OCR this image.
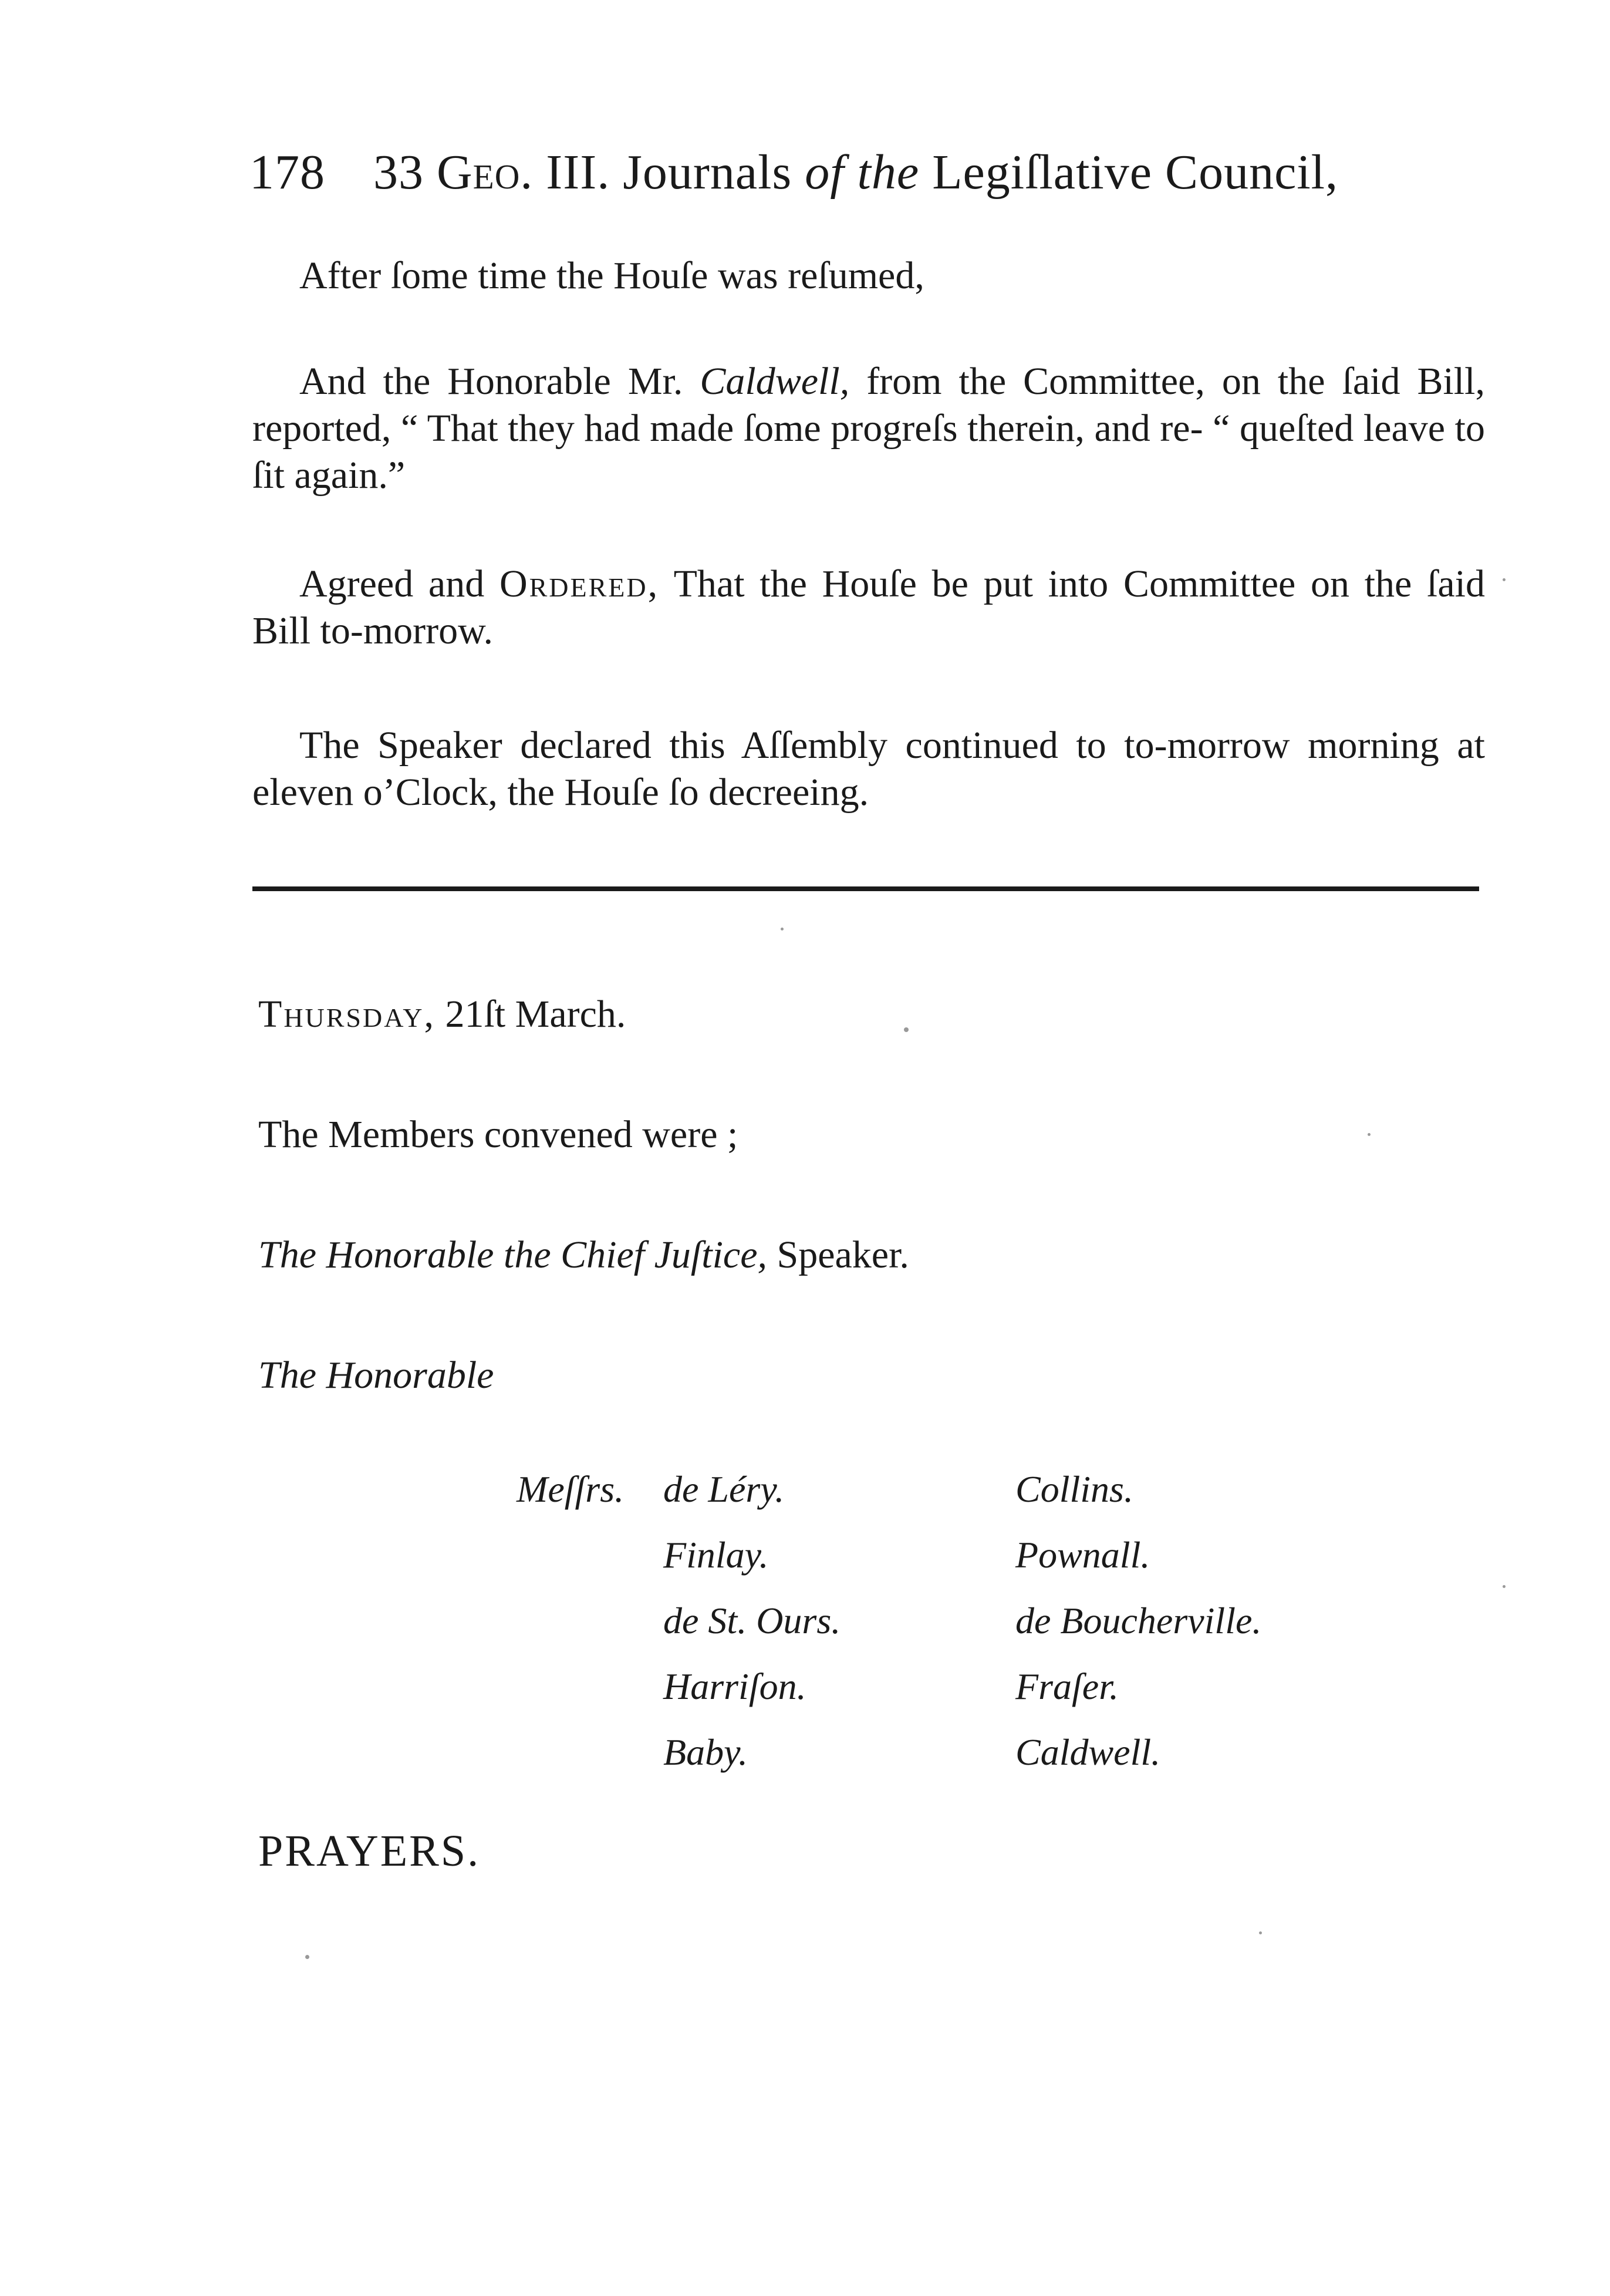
178 33 Geo. III. Journals of the Legiſlative Council,
After ſome time the Houſe was reſumed,
And the Honorable Mr. Caldwell, from the Committee, on the ſaid Bill, reported, “ That they had made ſome progreſs therein, and re- “ queſted leave to ſit again.”
Agreed and Ordered, That the Houſe be put into Committee on the ſaid Bill to-morrow.
The Speaker declared this Aſſembly continued to to-morrow morning at eleven o’Clock, the Houſe ſo decreeing.
Thursday, 21ſt March.
The Members convened were ;
The Honorable the Chief Juſtice, Speaker.
The Honorable
Meſſrs. de Léry.
Finlay.
de St. Ours.
Harriſon.
Baby.
Collins.
Pownall.
de Boucherville.
Fraſer.
Caldwell.
PRAYERS.
